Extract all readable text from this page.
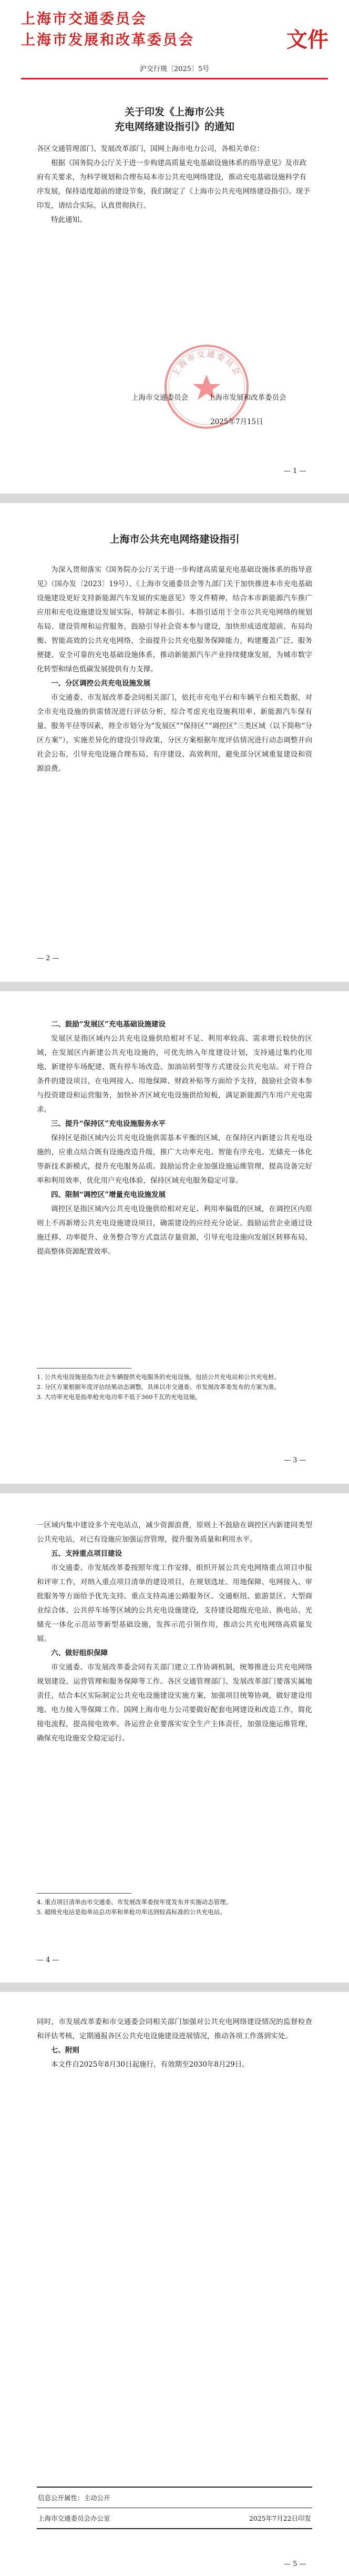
上海市交通委员会
上海市发展和改革委员会	文件
沪交行规〔2025〕5号
关于印发《上海市公共
充电网络建设指引》的通知
各区交通管理部门、发展改革部门，国网上海市电力公司，各相关单位：
根据《国务院办公厅关于进一步构建高质量充电基础设施体系的指导意见》及市政府有关要求，为科学规划和合理布局本市公共充电网络建设，推动充电基础设施科学有序发展，保持适度超前的建设节奏，我们制定了《上海市公共充电网络建设指引》。现予印发，请结合实际，认真贯彻执行。
特此通知。
上海市交通委员会
上海市交通委员会	上海市发展和改革委员会
2025年7月15日
— 1 —
上海市公共充电网络建设指引

为深入贯彻落实《国务院办公厅关于进一步构建高质量充电基础设施体系的指导意见》（国办发〔2023〕19号）、《上海市交通委员会等九部门关于加快推进本市充电基础设施建设更好支持新能源汽车发展的实施意见》等文件精神，结合本市新能源汽车推广应用和充电设施建设发展实际，特制定本指引。本指引适用于全市公共充电网络的规划布局、建设管理和运营服务，鼓励引导社会资本参与建设，加快形成适度超前、布局均衡、智能高效的公共充电网络，全面提升公共充电服务保障能力，构建覆盖广泛、服务便捷、安全可靠的充电基础设施体系，推动新能源汽车产业持续健康发展，为城市数字化转型和绿色低碳发展提供有力支撑。

一、分区调控公共充电设施发展

市交通委、市发展改革委会同相关部门，依托市充电平台和车辆平台相关数据，对全市充电设施的供需情况进行评估分析，综合考虑充电设施利用率、新能源汽车保有量、服务半径等因素，将全市划分为“发展区”“保持区”“调控区”三类区域（以下简称“分区方案”），实施差异化的建设引导政策，分区方案根据年度评估情况进行动态调整并向社会公布，引导充电设施合理布局、有序建设、高效利用，避免部分区域重复建设和资源浪费。

— 2 —

二、鼓励“发展区”充电基础设施建设

发展区是指区域内公共充电设施供给相对不足、利用率较高、需求增长较快的区域，在发展区内新建公共充电设施的，可优先纳入年度建设计划，支持通过集约化用地、新建停车场配建、既有停车场改造、加油站转型等方式建设公共充电站。对于符合条件的建设项目，在电网接入、用地保障、财政补贴等方面给予支持，鼓励社会资本参与投资建设和运营服务，加快补齐区域充电设施供给短板，满足新能源汽车用户充电需求。

三、提升“保持区”充电设施服务水平

保持区是指区域内公共充电设施供需基本平衡的区域，在保持区内新建公共充电设施的，应重点结合既有设施改造升级，推广大功率充电、智能有序充电、光储充一体化等新技术新模式，提升充电服务品质。鼓励运营企业加强设施运维管理，提高设备完好率和利用效率，优化用户充电体验，保持区域充电服务稳定可靠。

四、限制“调控区”增量充电设施发展

调控区是指区域内公共充电设施供给相对充足、利用率偏低的区域，在调控区内原则上不再新增公共充电设施建设项目，确需建设的应经充分论证。鼓励运营企业通过设施迁移、功率提升、业务整合等方式盘活存量资源，引导充电设施向发展区转移布局，提高整体资源配置效率。

1. 公共充电设施是指为社会车辆提供充电服务的充电设施，包括公共充电站和公共充电桩。
2. 分区方案根据年度评估结果动态调整，具体以市交通委、市发展改革委发布的方案为准。
3. 大功率充电是指单枪充电功率不低于360千瓦的充电设施。
— 3 —

一区域内集中建设多个充电站点，减少资源浪费，原则上不鼓励在调控区内新建同类型公共充电站，对已有设施应加强运营管理，提升服务质量和利用水平。

五、支持重点项目建设

市交通委、市发展改革委按照年度工作安排，组织开展公共充电网络重点项目申报和评审工作，对纳入重点项目清单的建设项目，在规划选址、用地保障、电网接入、审批服务等方面给予优先支持。重点支持高速公路服务区、交通枢纽、旅游景区、大型商业综合体、公共停车场等区域的公共充电设施建设，支持建设超级充电站、换电站、光储充一体化示范站等新型基础设施，发挥示范引领作用，推动公共充电网络高质量发展。

六、做好组织保障

市交通委、市发展改革委会同有关部门建立工作协调机制，统筹推进公共充电网络规划建设、运营管理和服务保障等工作。各区交通管理部门、发展改革部门要落实属地责任，结合本区实际制定公共充电设施建设实施方案，加强项目统筹协调，做好建设用地、电力接入等保障工作。国网上海市电力公司要做好配套电网建设和改造工作，简化接电流程，提高接电效率。各运营企业要落实安全生产主体责任，加强设施运维管理，确保充电设施安全稳定运行。

4. 重点项目清单由市交通委、市发展改革委按年度发布并实施动态管理。
5. 超级充电站是指单站总功率和单枪功率达到较高标准的公共充电站。
— 4 —

同时，市发展改革委和市交通委会同相关部门加强对公共充电网络建设情况的监督检查和评估考核，定期通报各区公共充电设施建设进展情况，推动各项工作落到实处。

七、附则

本文件自2025年8月30日起施行，有效期至2030年8月29日。

信息公开属性：主动公开
上海市交通委员会办公室	2025年7月22日印发
— 5 —
